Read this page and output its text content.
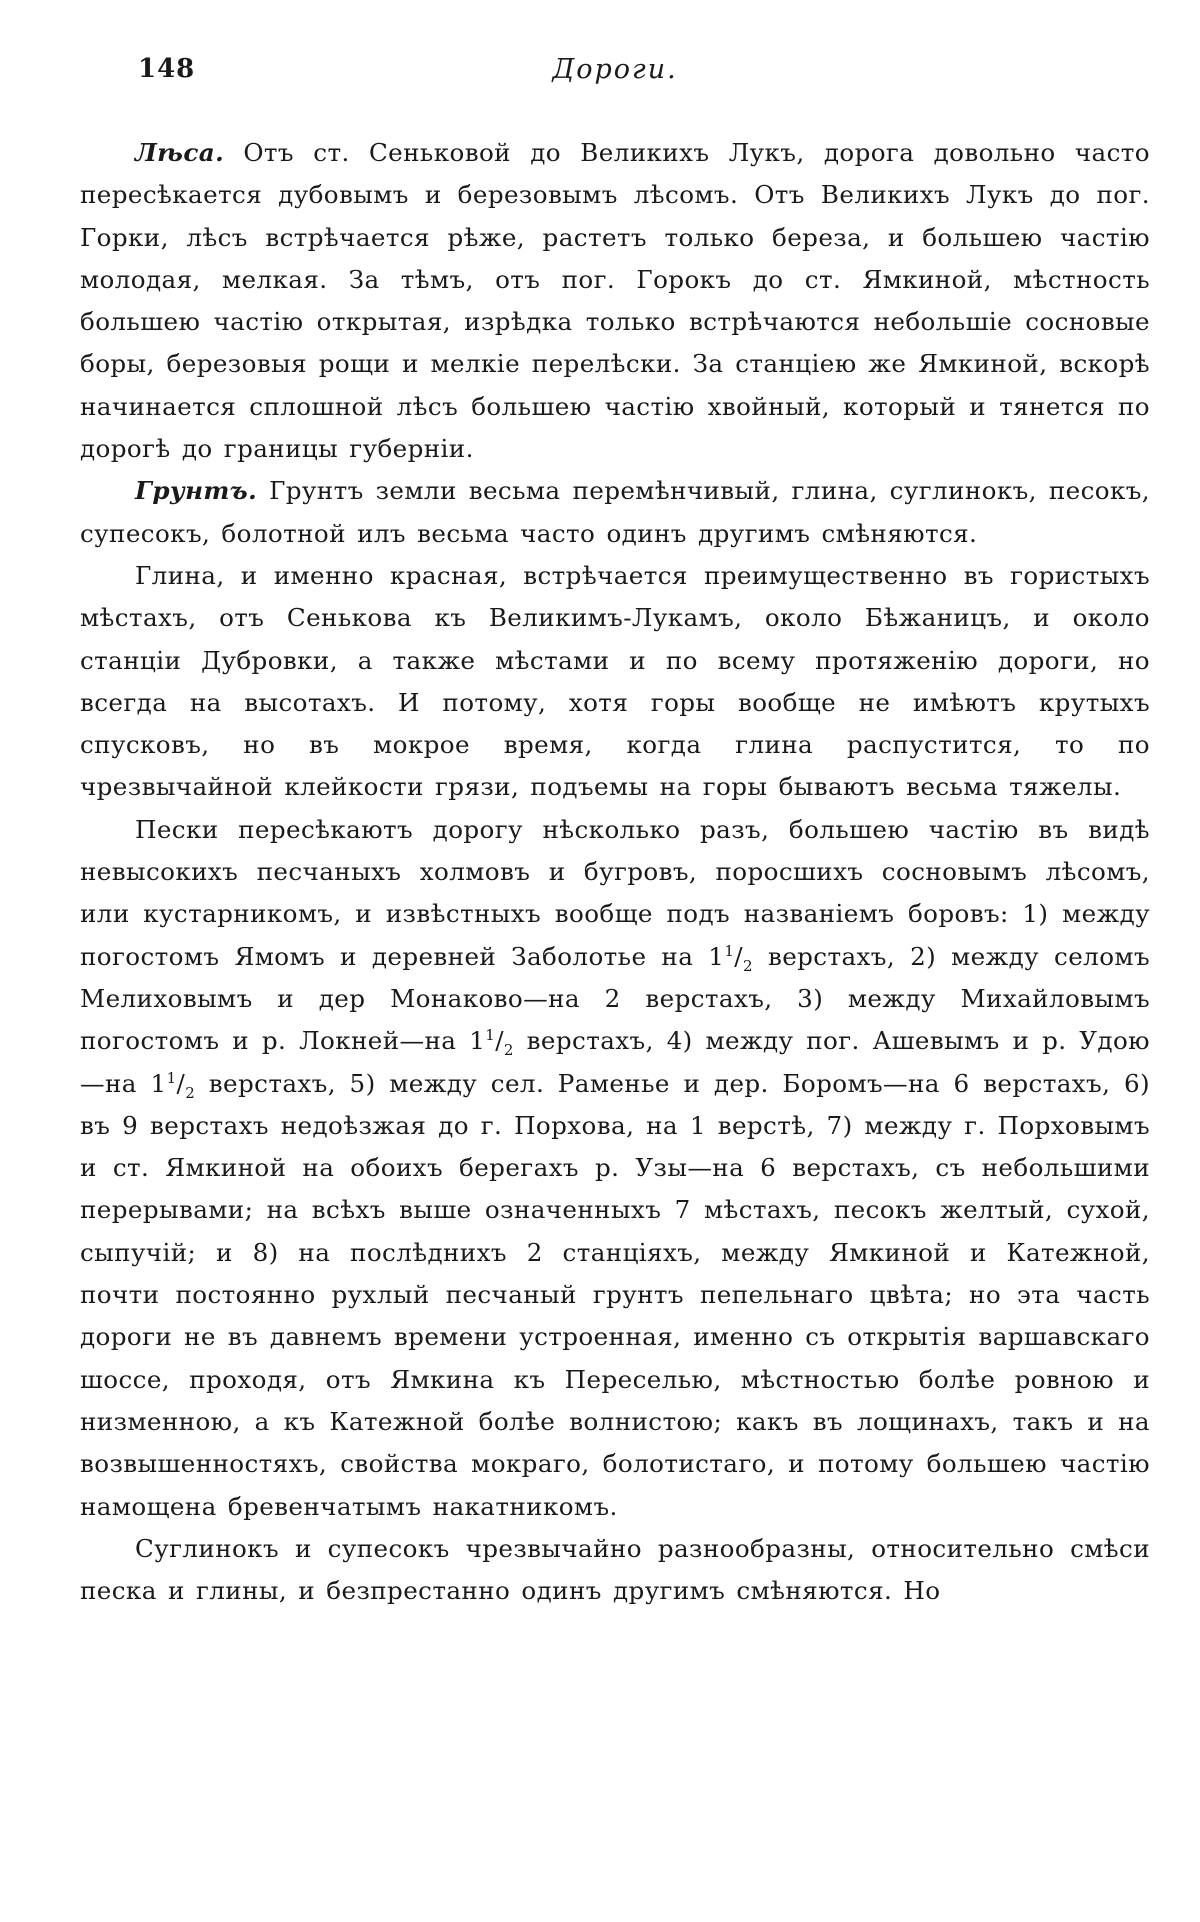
148	Дороги.

Лѣса. Отъ ст. Сеньковой до Великихъ Лукъ, дорога довольно часто пересѣкается дубовымъ и березовымъ лѣсомъ. Отъ Великихъ Лукъ до пог. Горки, лѣсъ встрѣчается рѣже, растетъ только береза, и большею частію молодая, мелкая. За тѣмъ, отъ пог. Горокъ до ст. Ямкиной, мѣстность большею частію открытая, изрѣдка только встрѣчаются небольшіе сосновые боры, березовыя рощи и мелкіе перелѣски. За станціею же Ямкиной, вскорѣ начинается сплошной лѣсъ большею частію хвойный, который и тянется по дорогѣ до границы губерніи.

Грунтъ. Грунтъ земли весьма перемѣнчивый, глина, суглинокъ, песокъ, супесокъ, болотной илъ весьма часто одинъ другимъ смѣняются.

Глина, и именно красная, встрѣчается преимущественно въ гористыхъ мѣстахъ, отъ Сенькова къ Великимъ-Лукамъ, около Бѣжаницъ, и около станціи Дубровки, а также мѣстами и по всему протяженію дороги, но всегда на высотахъ. И потому, хотя горы вообще не имѣютъ крутыхъ спусковъ, но въ мокрое время, когда глина распустится, то по чрезвычайной клейкости грязи, подъемы на горы бываютъ весьма тяжелы.

Пески пересѣкаютъ дорогу нѣсколько разъ, большею частію въ видѣ невысокихъ песчаныхъ холмовъ и бугровъ, поросшихъ сосновымъ лѣсомъ, или кустарникомъ, и извѣстныхъ вообще подъ названіемъ боровъ: 1) между погостомъ Ямомъ и деревней Заболотье на $1^1/_2$ верстахъ, 2) между селомъ Мелиховымъ и дер Монаково—на 2 верстахъ, 3) между Михайловымъ погостомъ и р. Локней—на $1^1/_2$ верстахъ, 4) между пог. Ашевымъ и р. Удою—на $1^1/_2$ верстахъ, 5) между сел. Раменье и дер. Боромъ—на 6 верстахъ, 6) въ 9 верстахъ недоѣзжая до г. Порхова, на 1 верстѣ, 7) между г. Порховымъ и ст. Ямкиной на обоихъ берегахъ р. Узы—на 6 верстахъ, съ небольшими перерывами; на всѣхъ выше означенныхъ 7 мѣстахъ, песокъ желтый, сухой, сыпучій; и 8) на послѣднихъ 2 станціяхъ, между Ямкиной и Катежной, почти постоянно рухлый песчаный грунтъ пепельнаго цвѣта; но эта часть дороги не въ давнемъ времени устроенная, именно съ открытія варшавскаго шоссе, проходя, отъ Ямкина къ Переселью, мѣстностью болѣе ровною и низменною, а къ Катежной болѣе волнистою; какъ въ лощинахъ, такъ и на возвышенностяхъ, свойства мокраго, болотистаго, и потому большею частію намощена бревенчатымъ накатникомъ.

Суглинокъ и супесокъ чрезвычайно разнообразны, относительно смѣси песка и глины, и безпрестанно одинъ другимъ смѣняются. Но
